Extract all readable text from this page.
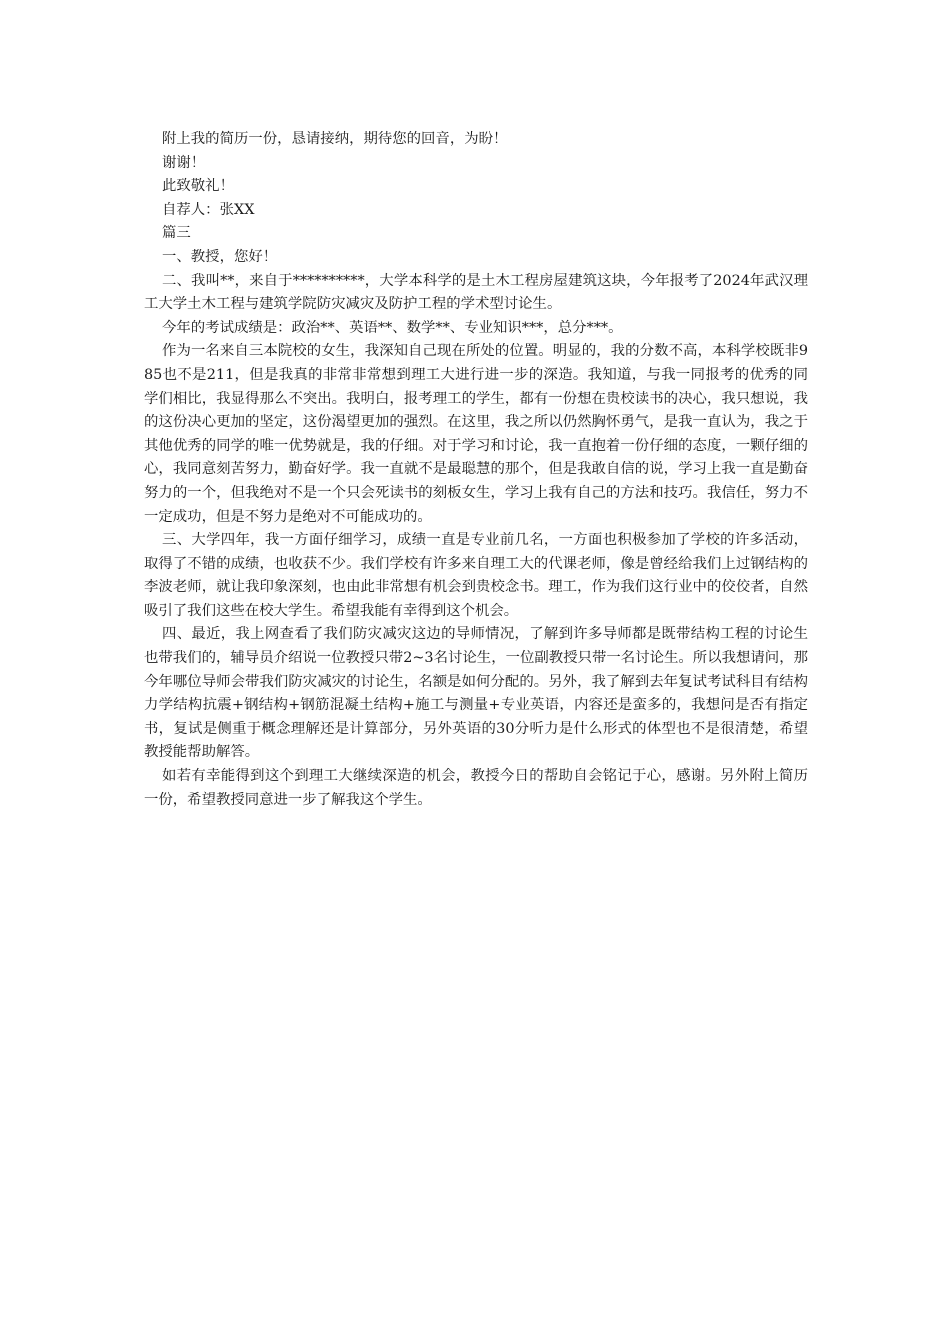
附上我的简历一份，恳请接纳，期待您的回音，为盼！

谢谢！

此致敬礼！

自荐人：张XX

篇三

一、教授，您好！

二、我叫**，来自于**********，大学本科学的是土木工程房屋建筑这块，今年报考了2024年武汉理工大学土木工程与建筑学院防灾减灾及防护工程的学术型讨论生。

今年的考试成绩是：政治**、英语**、数学**、专业知识***，总分***。

作为一名来自三本院校的女生，我深知自己现在所处的位置。明显的，我的分数不高，本科学校既非985也不是211，但是我真的非常非常想到理工大进行进一步的深造。我知道，与我一同报考的优秀的同学们相比，我显得那么不突出。我明白，报考理工的学生，都有一份想在贵校读书的决心，我只想说，我的这份决心更加的坚定，这份渴望更加的强烈。在这里，我之所以仍然胸怀勇气，是我一直认为，我之于其他优秀的同学的唯一优势就是，我的仔细。对于学习和讨论，我一直抱着一份仔细的态度，一颗仔细的心，我同意刻苦努力，勤奋好学。我一直就不是最聪慧的那个，但是我敢自信的说，学习上我一直是勤奋努力的一个，但我绝对不是一个只会死读书的刻板女生，学习上我有自己的方法和技巧。我信任，努力不一定成功，但是不努力是绝对不可能成功的。

三、大学四年，我一方面仔细学习，成绩一直是专业前几名，一方面也积极参加了学校的许多活动，取得了不错的成绩，也收获不少。我们学校有许多来自理工大的代课老师，像是曾经给我们上过钢结构的李波老师，就让我印象深刻，也由此非常想有机会到贵校念书。理工，作为我们这行业中的佼佼者，自然吸引了我们这些在校大学生。希望我能有幸得到这个机会。

四、最近，我上网查看了我们防灾减灾这边的导师情况，了解到许多导师都是既带结构工程的讨论生也带我们的，辅导员介绍说一位教授只带2~3名讨论生，一位副教授只带一名讨论生。所以我想请问，那今年哪位导师会带我们防灾减灾的讨论生，名额是如何分配的。另外，我了解到去年复试考试科目有结构力学结构抗震+钢结构+钢筋混凝土结构+施工与测量+专业英语，内容还是蛮多的，我想问是否有指定书，复试是侧重于概念理解还是计算部分，另外英语的30分听力是什么形式的体型也不是很清楚，希望教授能帮助解答。

如若有幸能得到这个到理工大继续深造的机会，教授今日的帮助自会铭记于心，感谢。另外附上简历一份，希望教授同意进一步了解我这个学生。
